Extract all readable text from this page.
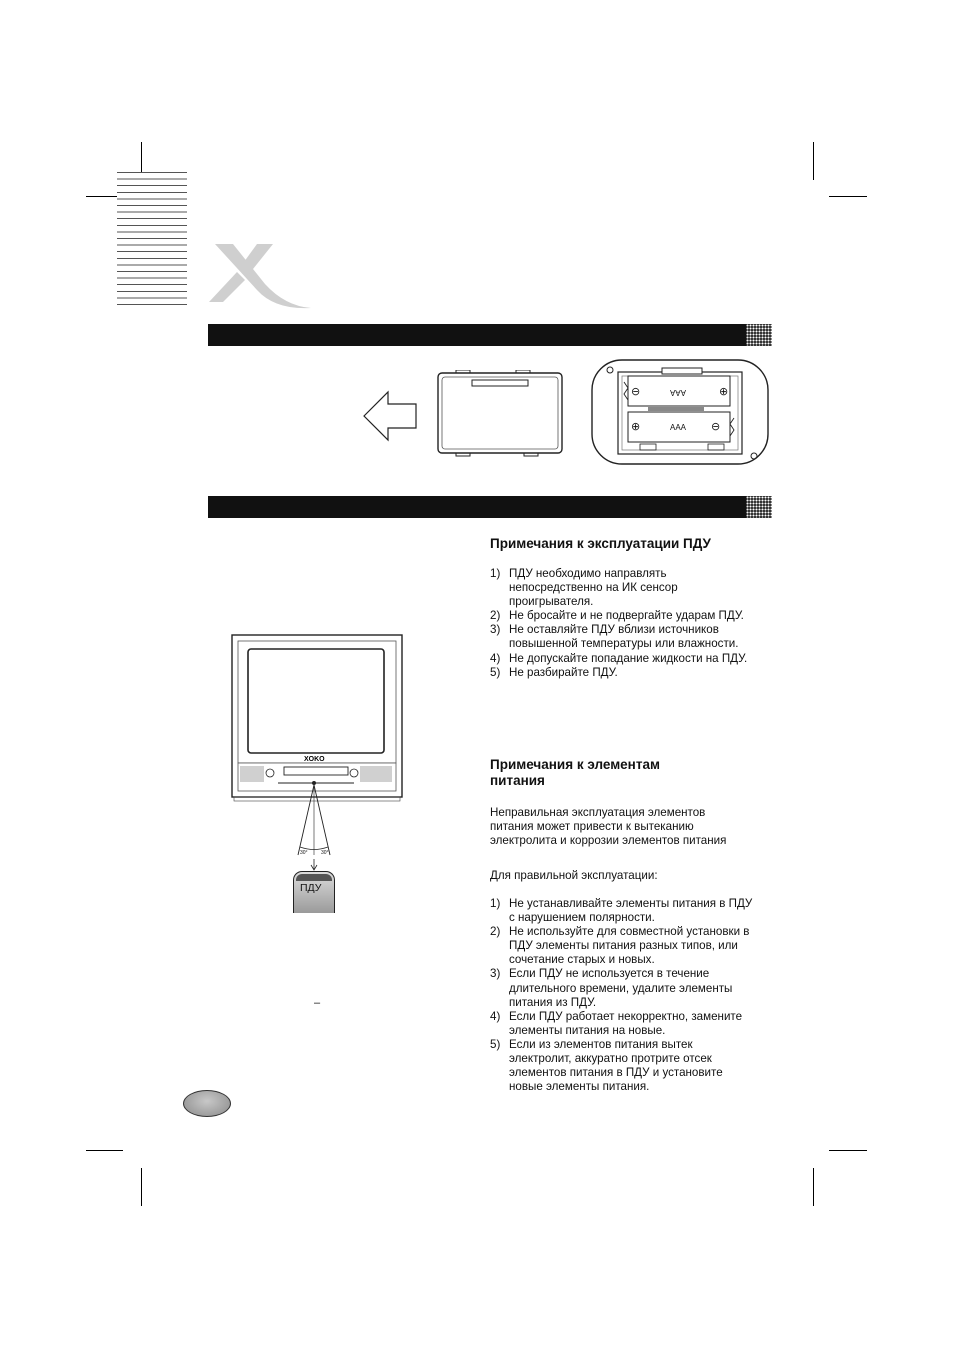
⊖	⊕
AAA
⊕	⊖
AAA
XOKO
30°	30°
ПДУ
–
Примечания к эксплуатации ПДУ
1) ПДУ необходимо направлять непосредственно на ИК сенсор проигрывателя.
2) Не бросайте и не подвергайте ударам ПДУ.
3) Не оставляйте ПДУ вблизи источников повышенной температуры или влажности.
4) Не допускайте попадание жидкости на ПДУ.
5) Не разбирайте ПДУ.
Примечания к элементам питания

Неправильная эксплуатация элементов питания может привести к вытеканию электролита и коррозии элементов питания

Для правильной эксплуатации:

1) Не устанавливайте элементы питания в ПДУ с нарушением полярности.
2) Не используйте для совместной установки в ПДУ элементы питания разных типов, или сочетание старых и новых.
3) Если ПДУ не используется в течение длительного времени, удалите элементы питания из ПДУ.
4) Если ПДУ работает некорректно, замените элементы питания на новые.
5) Если из элементов питания вытек электролит, аккуратно протрите отсек элементов питания в ПДУ и установите новые элементы питания.
